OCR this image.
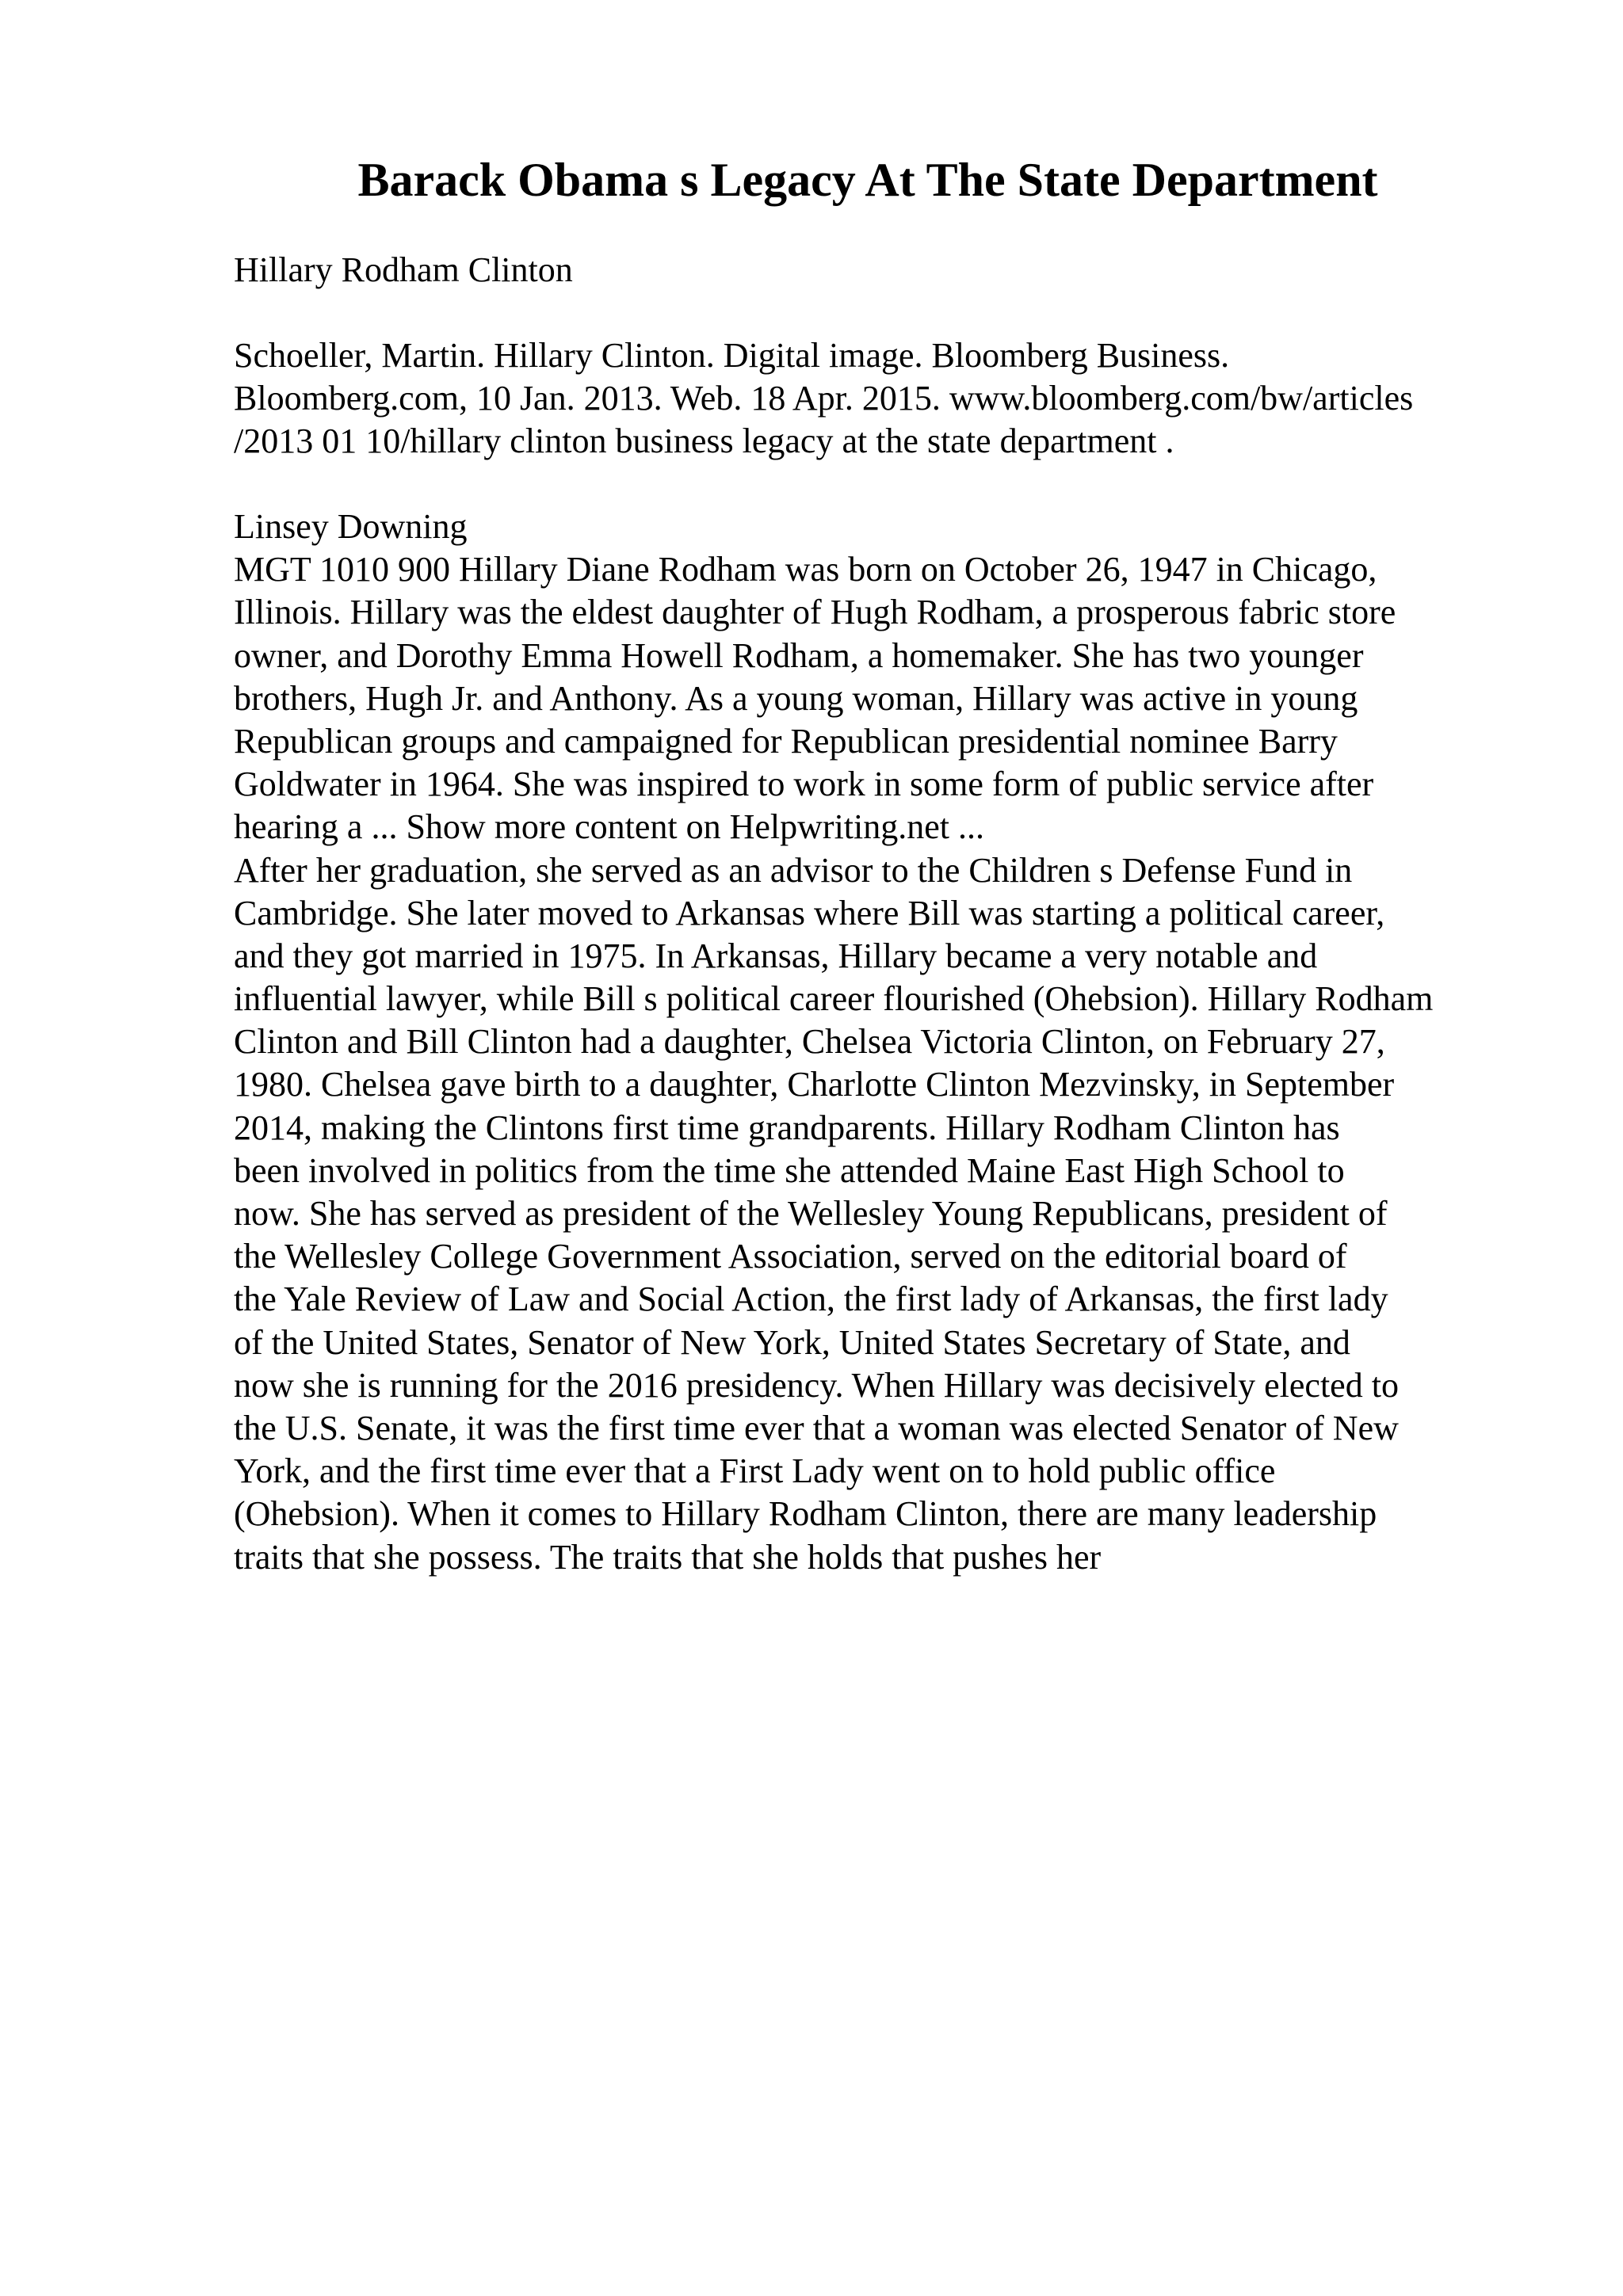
Barack Obama s Legacy At The State Department

Hillary Rodham Clinton

Schoeller, Martin. Hillary Clinton. Digital image. Bloomberg Business.
Bloomberg.com, 10 Jan. 2013. Web. 18 Apr. 2015. www.bloomberg.com/bw/articles
/2013 01 10/hillary clinton business legacy at the state department .
Linsey Downing
MGT 1010 900 Hillary Diane Rodham was born on October 26, 1947 in Chicago,
Illinois. Hillary was the eldest daughter of Hugh Rodham, a prosperous fabric store
owner, and Dorothy Emma Howell Rodham, a homemaker. She has two younger
brothers, Hugh Jr. and Anthony. As a young woman, Hillary was active in young
Republican groups and campaigned for Republican presidential nominee Barry
Goldwater in 1964. She was inspired to work in some form of public service after
hearing a ... Show more content on Helpwriting.net ...
After her graduation, she served as an advisor to the Children s Defense Fund in
Cambridge. She later moved to Arkansas where Bill was starting a political career,
and they got married in 1975. In Arkansas, Hillary became a very notable and
influential lawyer, while Bill s political career flourished (Ohebsion). Hillary Rodham
Clinton and Bill Clinton had a daughter, Chelsea Victoria Clinton, on February 27,
1980. Chelsea gave birth to a daughter, Charlotte Clinton Mezvinsky, in September
2014, making the Clintons first time grandparents. Hillary Rodham Clinton has
been involved in politics from the time she attended Maine East High School to
now. She has served as president of the Wellesley Young Republicans, president of
the Wellesley College Government Association, served on the editorial board of
the Yale Review of Law and Social Action, the first lady of Arkansas, the first lady
of the United States, Senator of New York, United States Secretary of State, and
now she is running for the 2016 presidency. When Hillary was decisively elected to
the U.S. Senate, it was the first time ever that a woman was elected Senator of New
York, and the first time ever that a First Lady went on to hold public office
(Ohebsion). When it comes to Hillary Rodham Clinton, there are many leadership
traits that she possess. The traits that she holds that pushes her
